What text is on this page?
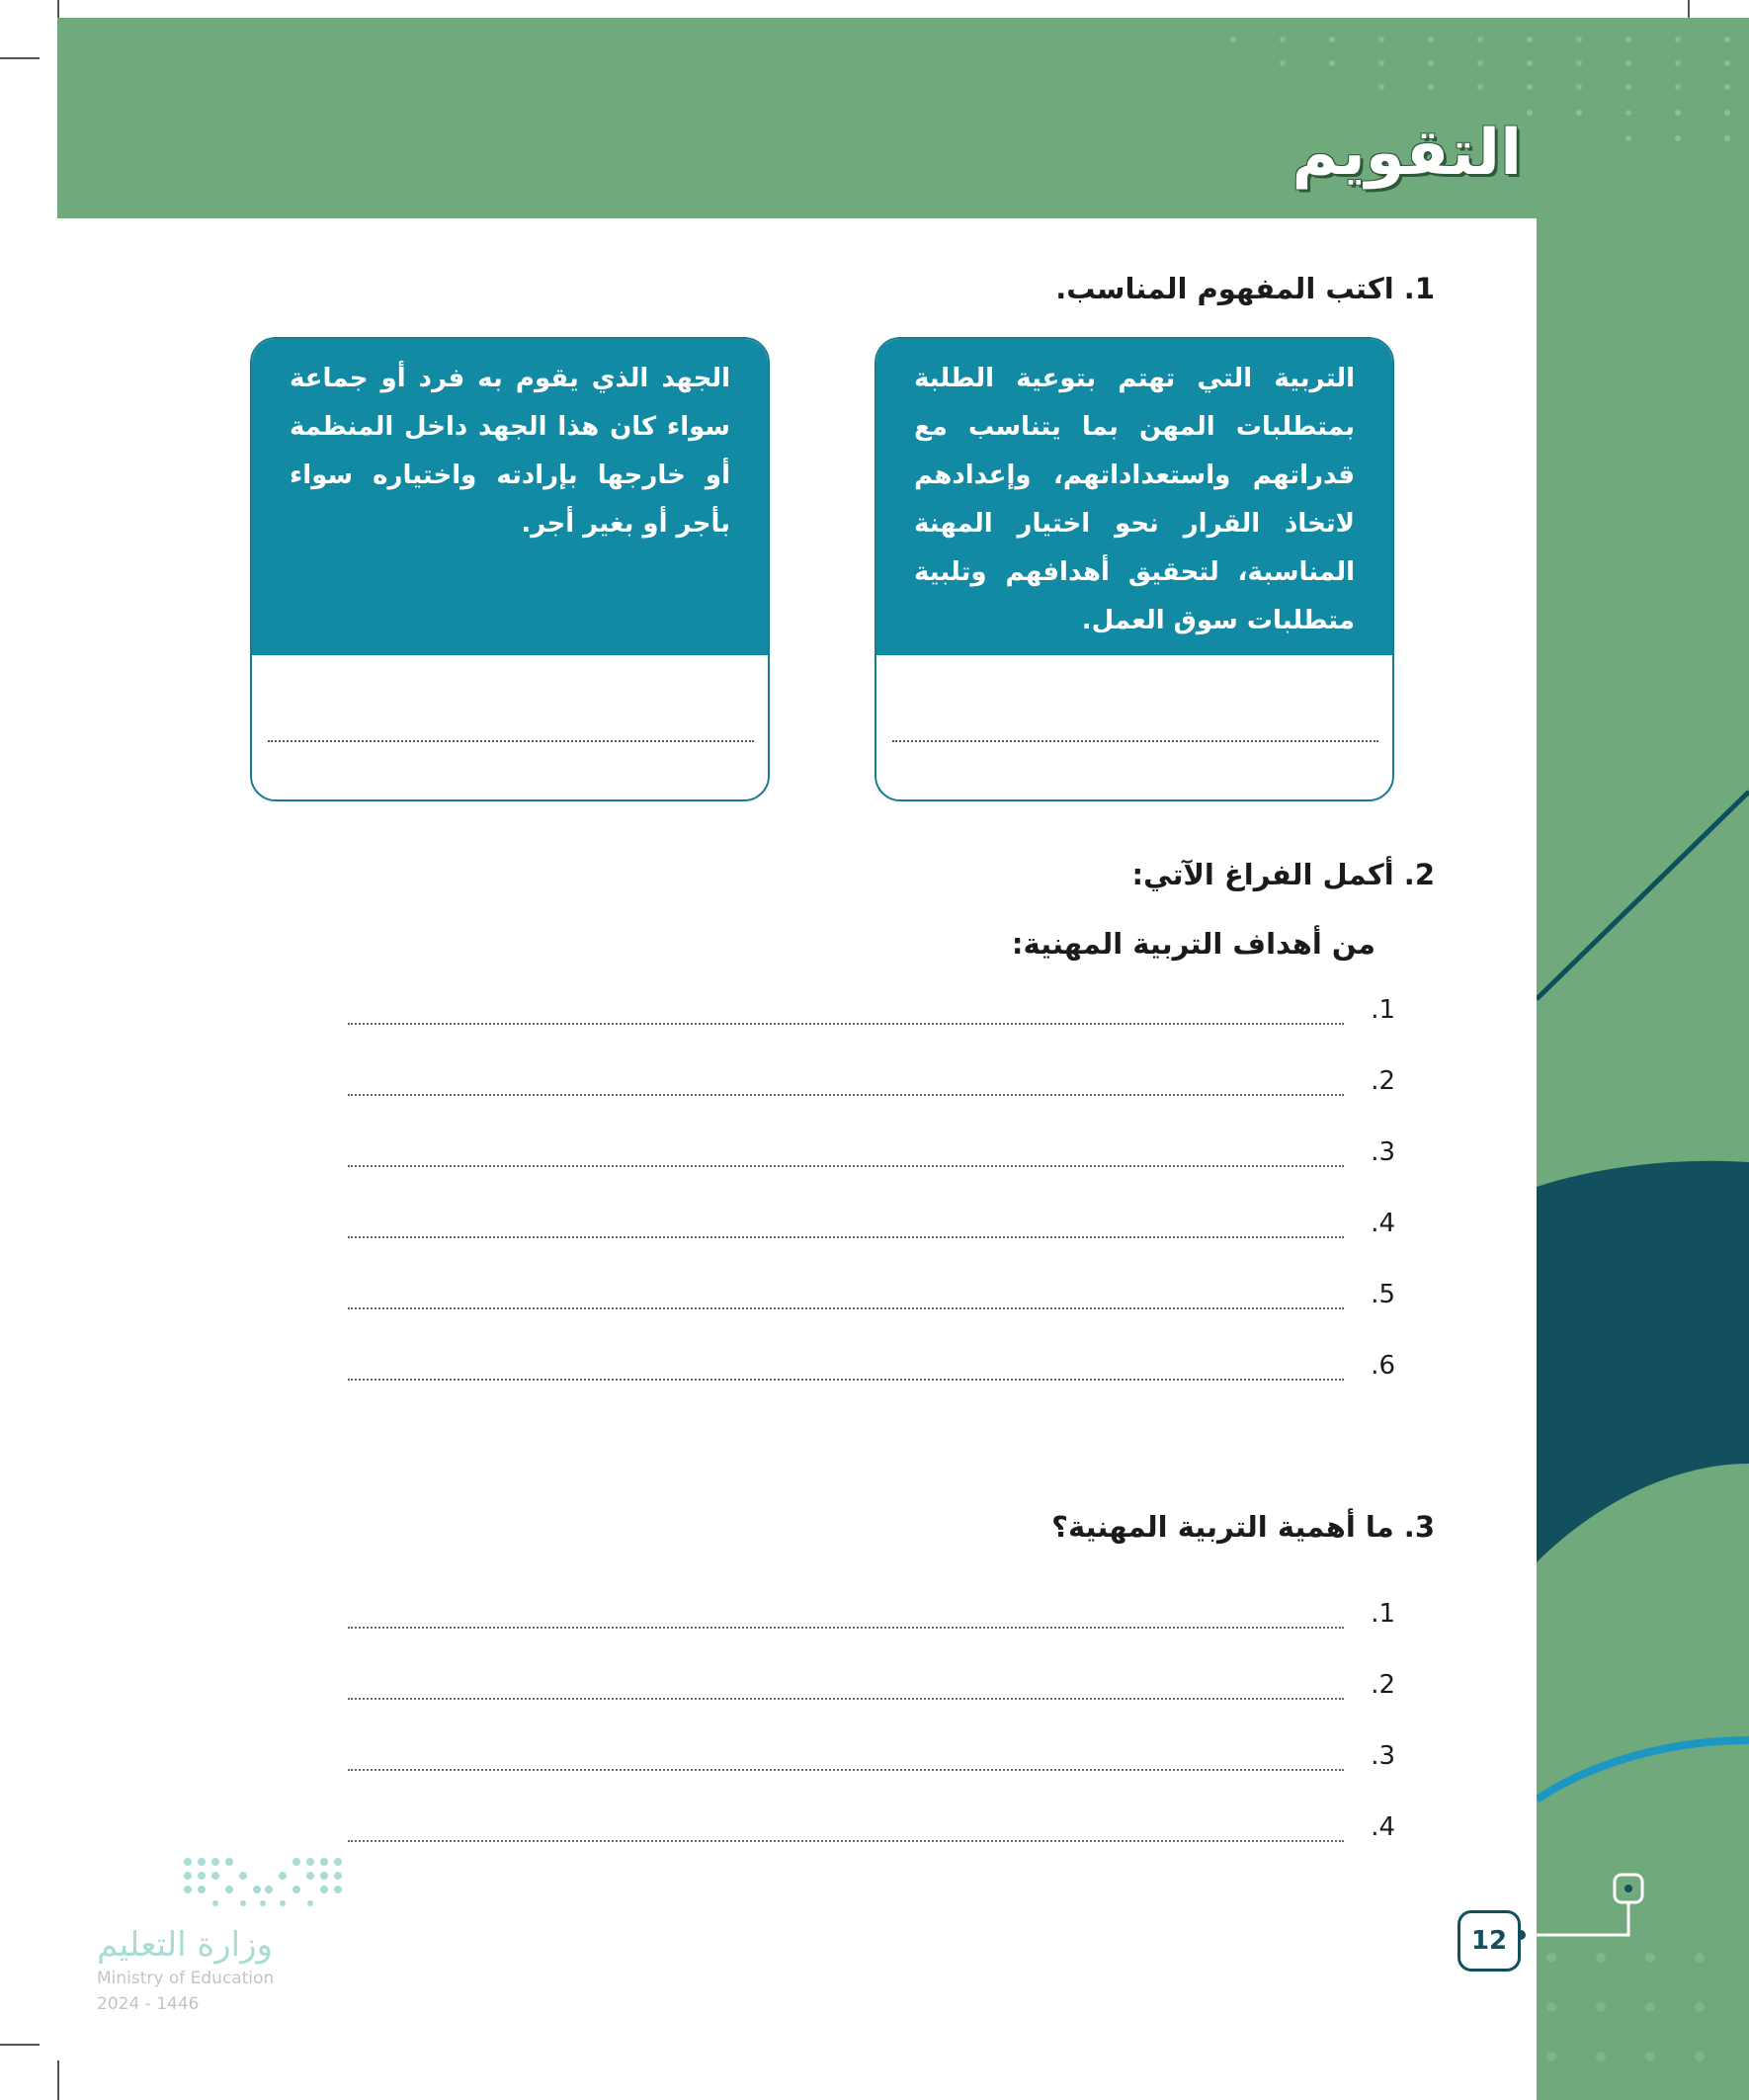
التقويم
12
1. اكتب المفهوم المناسب.
التربية التي تهتم بتوعية الطلبة بمتطلبات المهن بما يتناسب مع قدراتهم واستعداداتهم، وإعدادهم لاتخاذ القرار نحو اختيار المهنة المناسبة، لتحقيق أهدافهم وتلبية متطلبات سوق العمل.
الجهد الذي يقوم به فرد أو جماعة سواء كان هذا الجهد داخل المنظمة أو خارجها بإرادته واختياره سواء بأجر أو بغير أجر.
2. أكمل الفراغ الآتي:
من أهداف التربية المهنية:
1.
2.
3.
4.
5.
6.
3. ما أهمية التربية المهنية؟
1.
2.
3.
4.
وزارة التعليم
Ministry of Education
2024 - 1446
